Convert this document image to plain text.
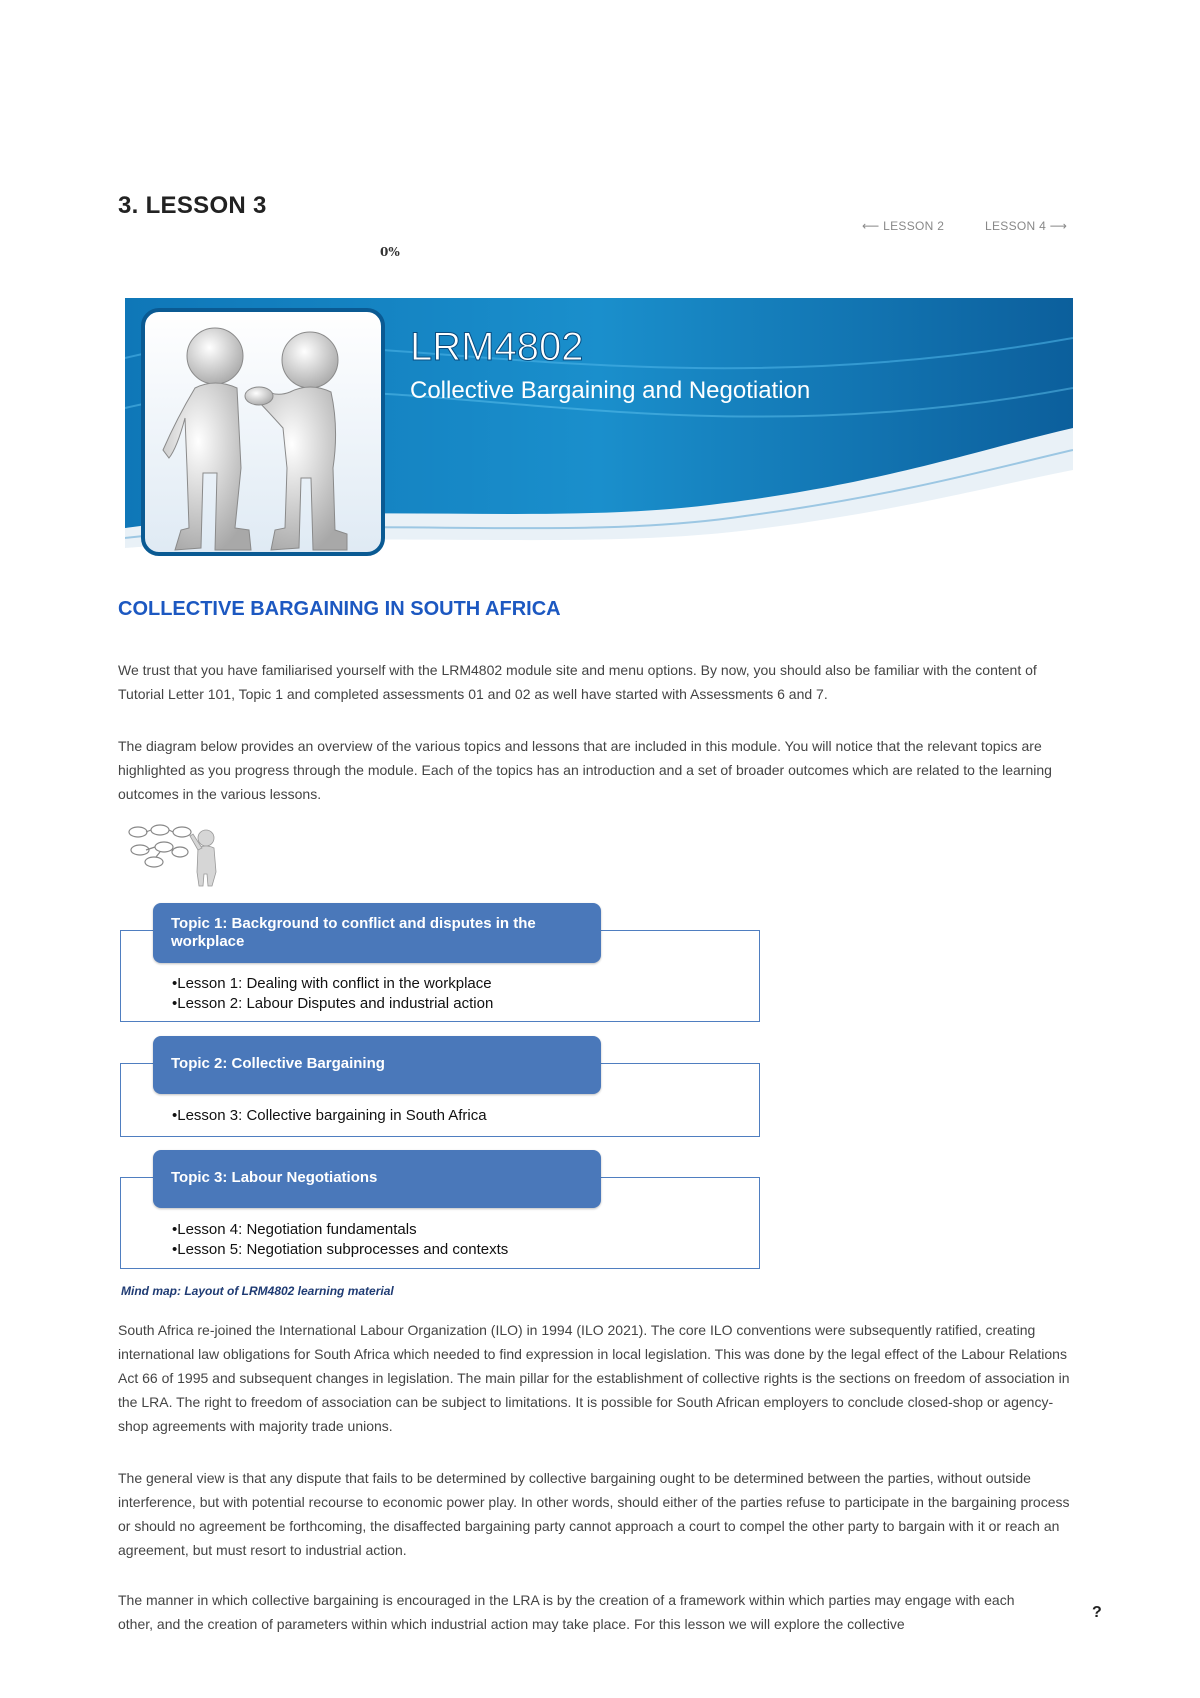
3. LESSON 3
⟵ LESSON 2	LESSON 4 ⟶
0%
LRM4802
Collective Bargaining and Negotiation
COLLECTIVE BARGAINING IN SOUTH AFRICA

We trust that you have familiarised yourself with the LRM4802 module site and menu options. By now, you should also be familiar with the content of Tutorial Letter 101, Topic 1 and completed assessments 01 and 02 as well have started with Assessments 6 and 7.

The diagram below provides an overview of the various topics and lessons that are included in this module. You will notice that the relevant topics are highlighted as you progress through the module. Each of the topics has an introduction and a set of broader outcomes which are related to the learning outcomes in the various lessons.

Topic 1: Background to conflict and disputes in the workplace
•Lesson 1: Dealing with conflict in the workplace
•Lesson 2: Labour Disputes and industrial action
Topic 2: Collective Bargaining
•Lesson 3: Collective bargaining in South Africa
Topic 3: Labour Negotiations
•Lesson 4: Negotiation fundamentals
•Lesson 5: Negotiation subprocesses and contexts
Mind map: Layout of LRM4802 learning material

South Africa re-joined the International Labour Organization (ILO) in 1994 (ILO 2021). The core ILO conventions were subsequently ratified, creating international law obligations for South Africa which needed to find expression in local legislation. This was done by the legal effect of the Labour Relations Act 66 of 1995 and subsequent changes in legislation. The main pillar for the establishment of collective rights is the sections on freedom of association in the LRA. The right to freedom of association can be subject to limitations. It is possible for South African employers to conclude closed-shop or agency-shop agreements with majority trade unions.

The general view is that any dispute that fails to be determined by collective bargaining ought to be determined between the parties, without outside interference, but with potential recourse to economic power play. In other words, should either of the parties refuse to participate in the bargaining process or should no agreement be forthcoming, the disaffected bargaining party cannot approach a court to compel the other party to bargain with it or reach an agreement, but must resort to industrial action.

The manner in which collective bargaining is encouraged in the LRA is by the creation of a framework within which parties may engage with each other, and the creation of parameters within which industrial action may take place. For this lesson we will explore the collective

?
